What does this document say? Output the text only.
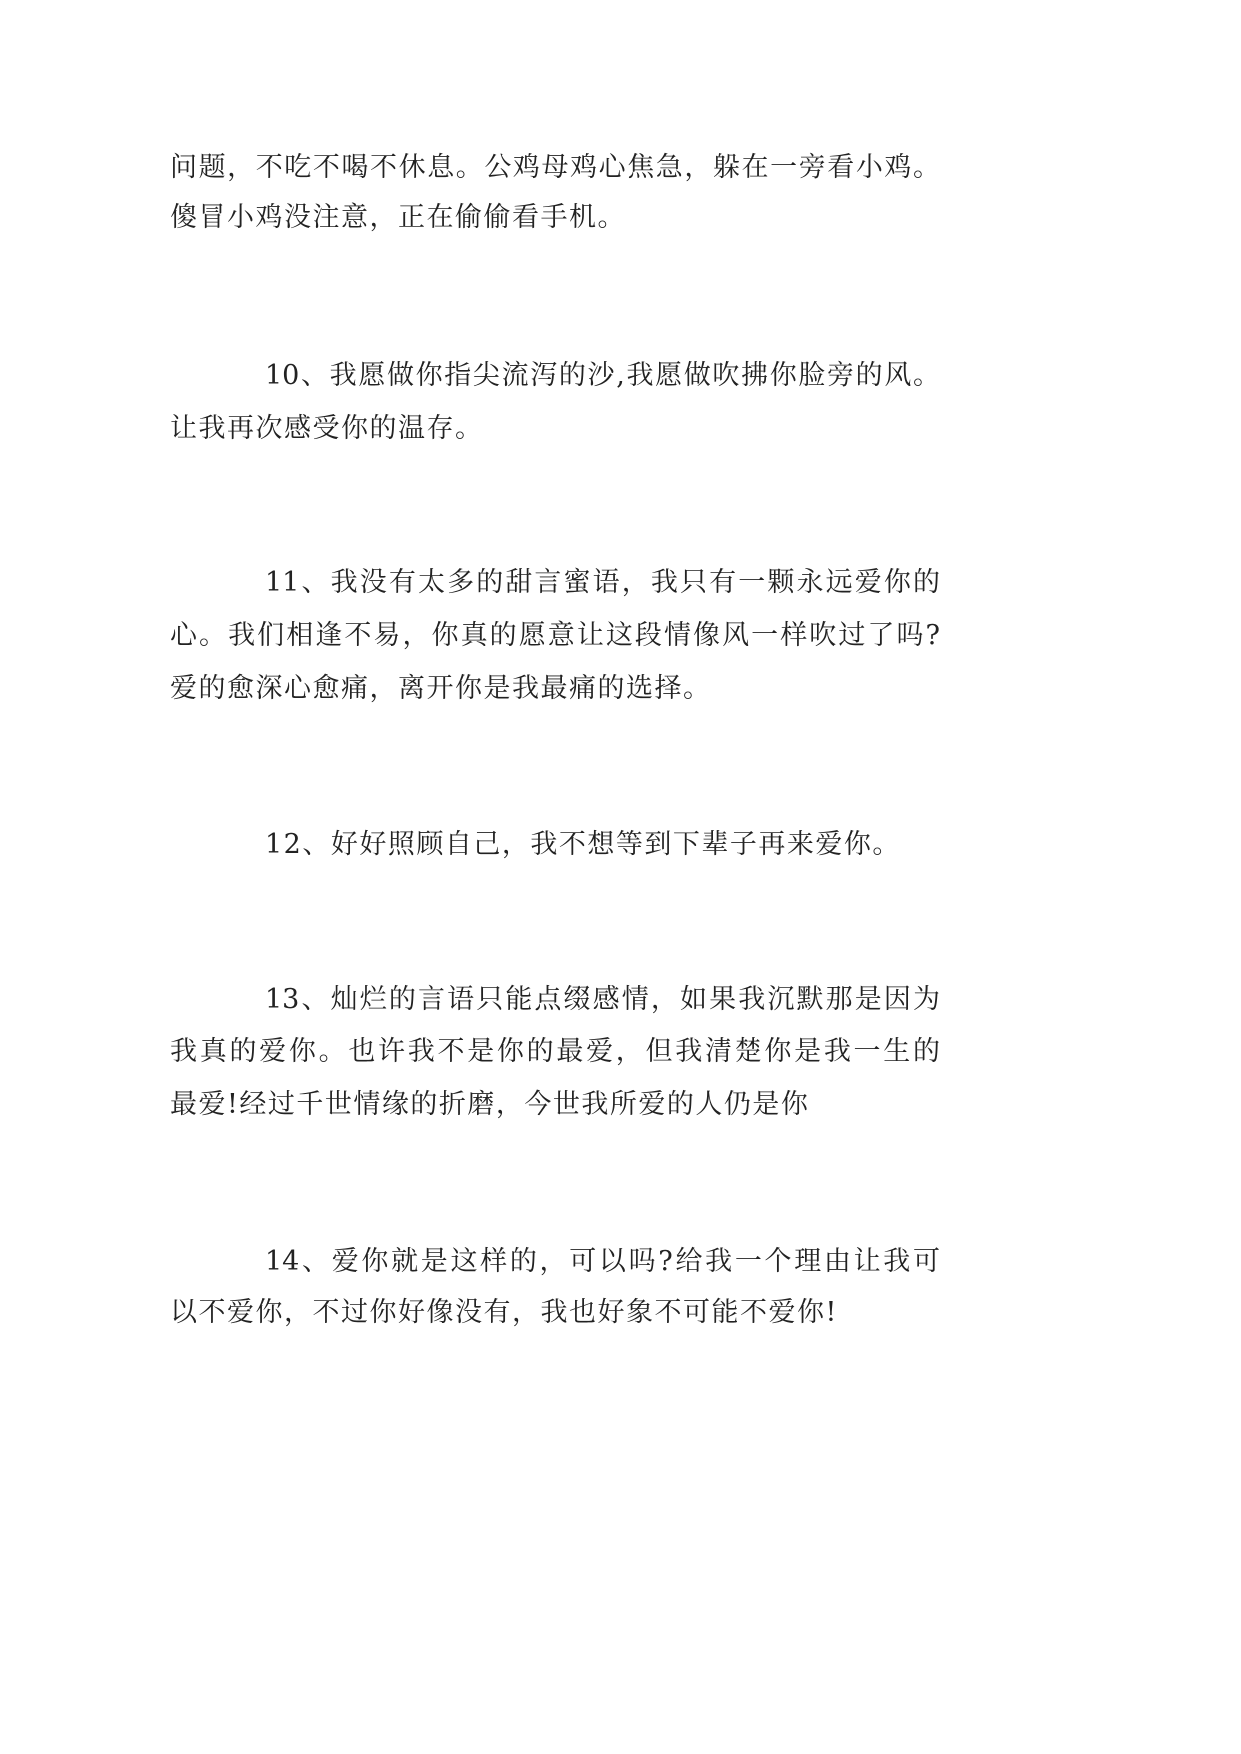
问题，不吃不喝不休息。公鸡母鸡心焦急，躲在一旁看小鸡。
傻冒小鸡没注意，正在偷偷看手机。
10、我愿做你指尖流泻的沙,我愿做吹拂你脸旁的风。
让我再次感受你的温存。
11、我没有太多的甜言蜜语，我只有一颗永远爱你的
心。我们相逢不易，你真的愿意让这段情像风一样吹过了吗?
爱的愈深心愈痛，离开你是我最痛的选择。
12、好好照顾自己，我不想等到下辈子再来爱你。
13、灿烂的言语只能点缀感情，如果我沉默那是因为
我真的爱你。也许我不是你的最爱，但我清楚你是我一生的
最爱!经过千世情缘的折磨，今世我所爱的人仍是你
14、爱你就是这样的，可以吗?给我一个理由让我可
以不爱你，不过你好像没有，我也好象不可能不爱你!
